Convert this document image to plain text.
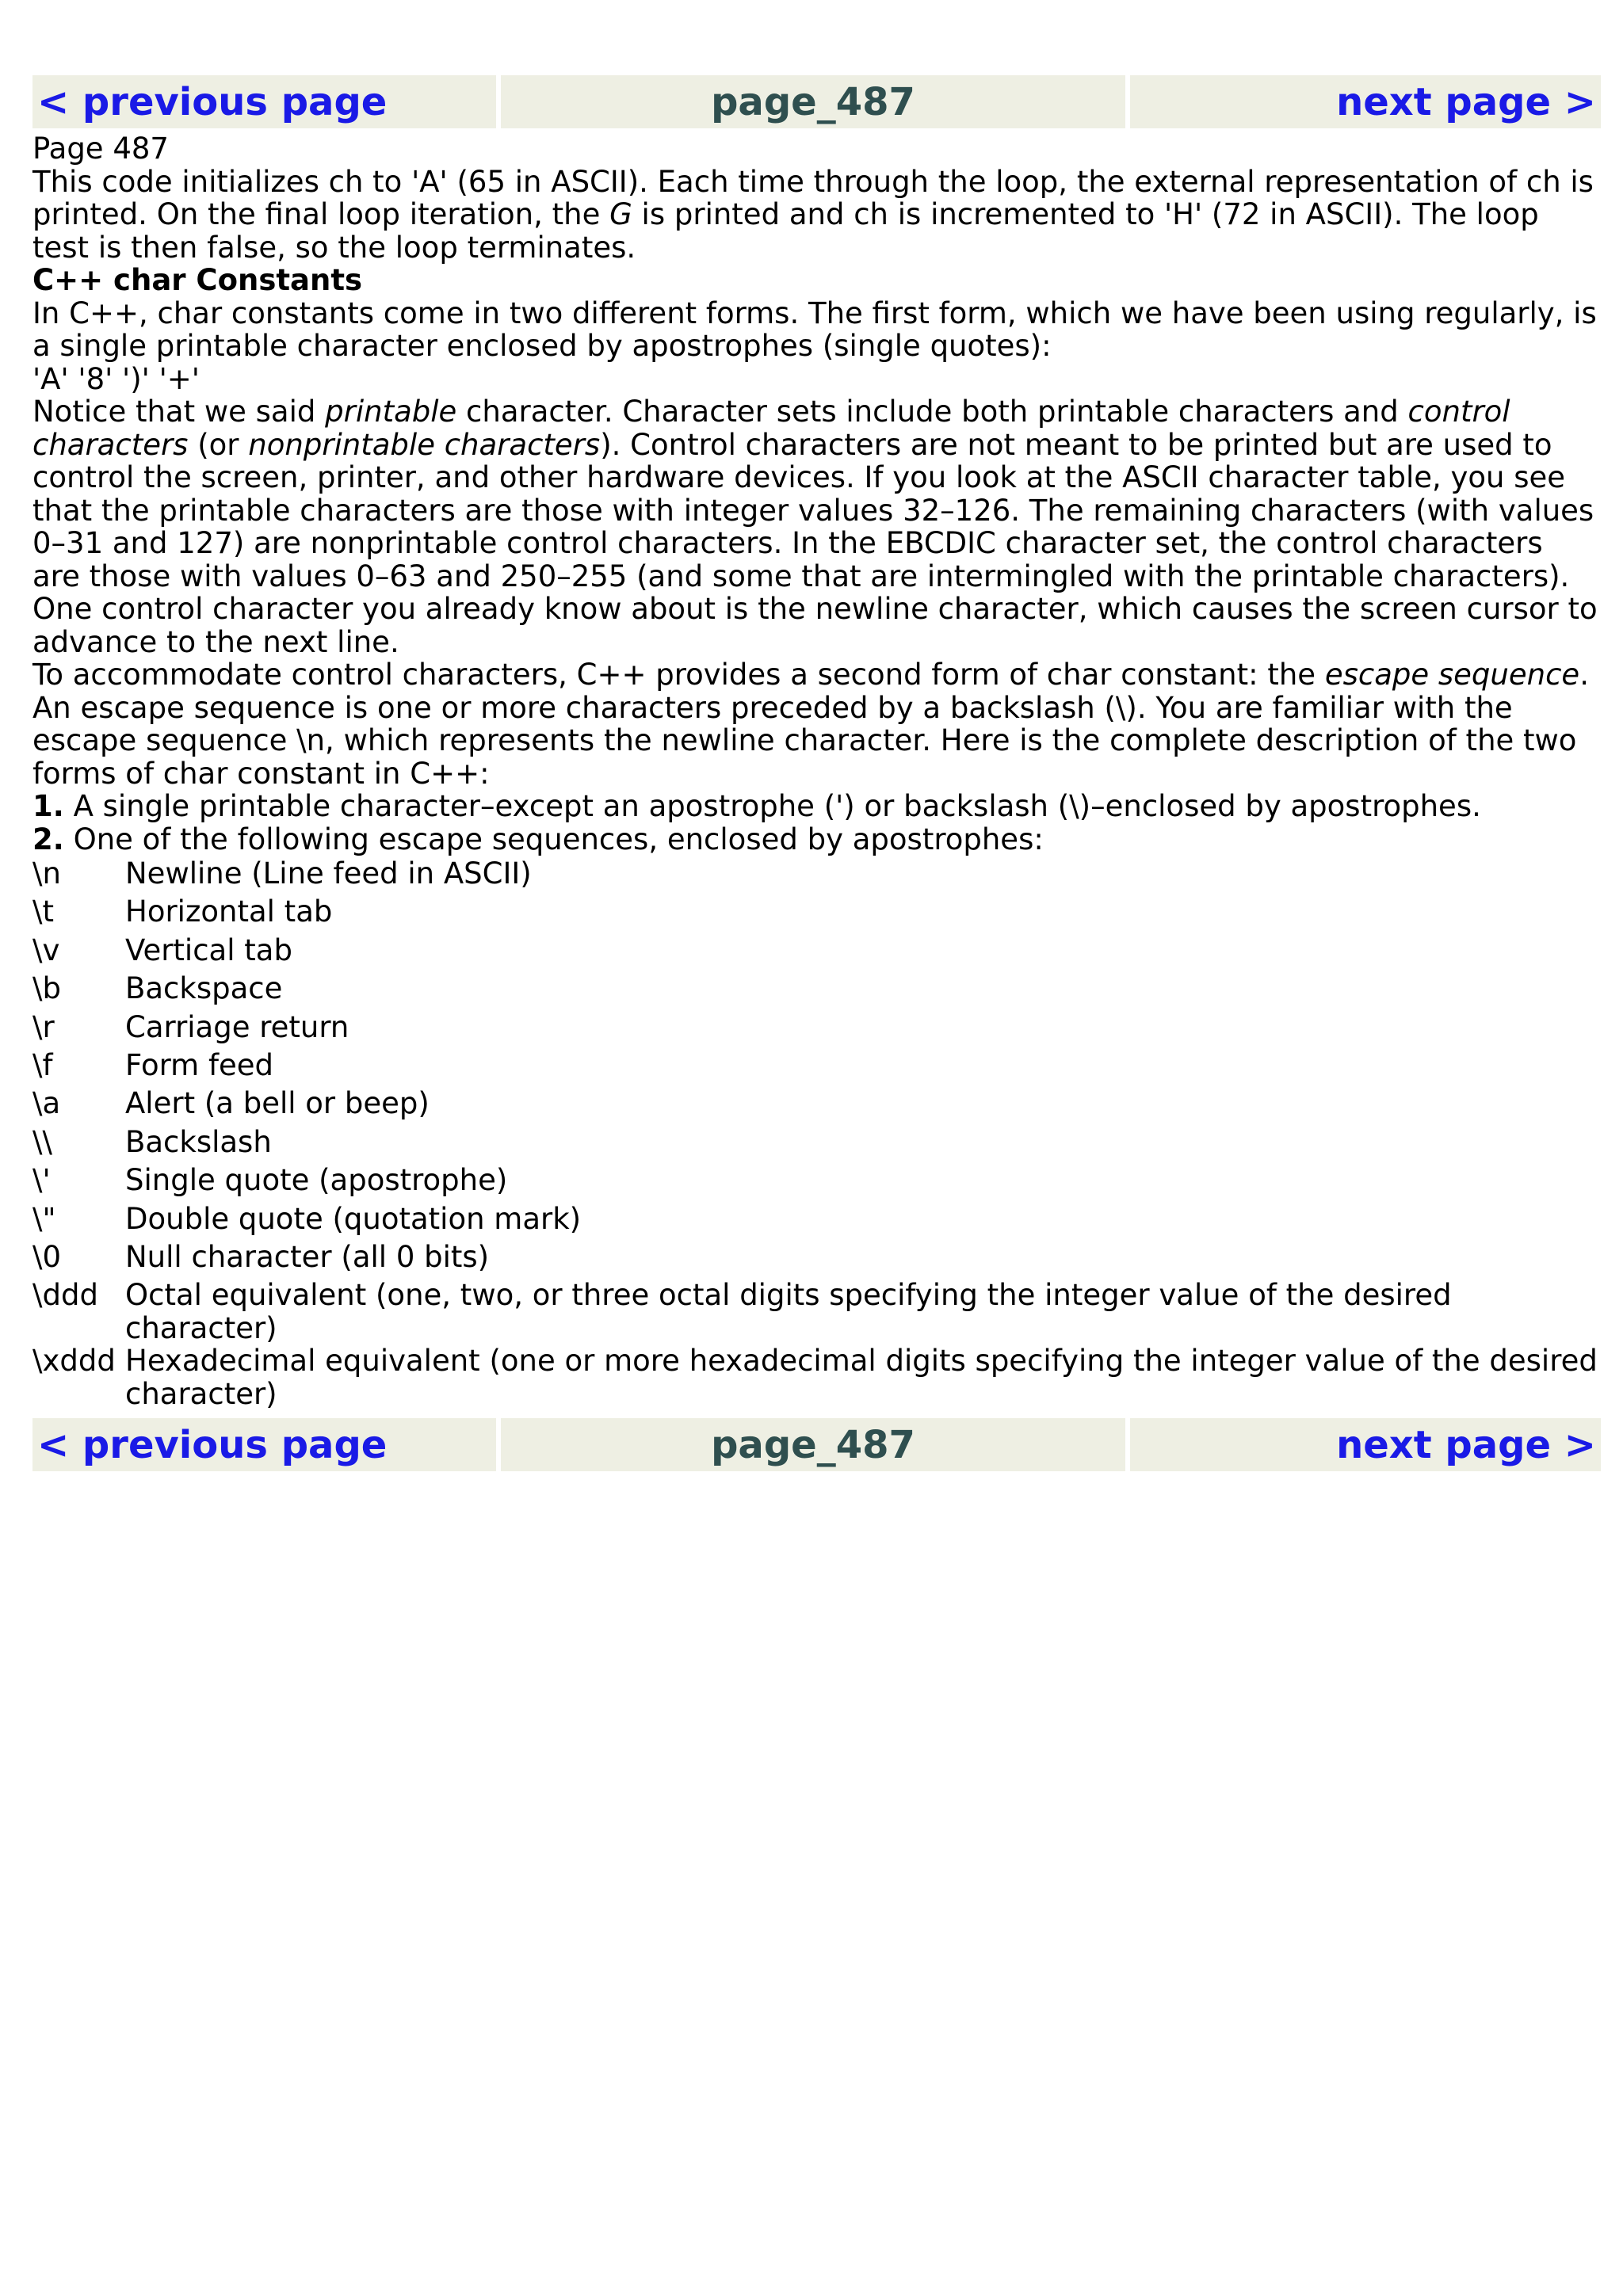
< previous page	page_487	next page >

Page 487

This code initializes ch to 'A' (65 in ASCII). Each time through the loop, the external representation of ch is printed. On the final loop iteration, the G is printed and ch is incremented to 'H' (72 in ASCII). The loop test is then false, so the loop terminates.

C++ char Constants

In C++, char constants come in two different forms. The first form, which we have been using regularly, is a single printable character enclosed by apostrophes (single quotes):

'A' '8' ')' '+'

Notice that we said printable character. Character sets include both printable characters and control characters (or nonprintable characters). Control characters are not meant to be printed but are used to control the screen, printer, and other hardware devices. If you look at the ASCII character table, you see that the printable characters are those with integer values 32–126. The remaining characters (with values 0–31 and 127) are nonprintable control characters. In the EBCDIC character set, the control characters are those with values 0–63 and 250–255 (and some that are intermingled with the printable characters). One control character you already know about is the newline character, which causes the screen cursor to advance to the next line.

To accommodate control characters, C++ provides a second form of char constant: the escape sequence. An escape sequence is one or more characters preceded by a backslash (\). You are familiar with the escape sequence \n, which represents the newline character. Here is the complete description of the two forms of char constant in C++:

1. A single printable character–except an apostrophe (') or backslash (\)–enclosed by apostrophes.

2. One of the following escape sequences, enclosed by apostrophes:

\n	Newline (Line feed in ASCII)
\t	Horizontal tab
\v	Vertical tab
\b	Backspace
\r	Carriage return
\f	Form feed
\a	Alert (a bell or beep)
\\	Backslash
\'	Single quote (apostrophe)
\"	Double quote (quotation mark)
\0	Null character (all 0 bits)
\ddd	Octal equivalent (one, two, or three octal digits specifying the integer value of the desired character)
\xddd	Hexadecimal equivalent (one or more hexadecimal digits specifying the integer value of the desired character)
< previous page	page_487	next page >
